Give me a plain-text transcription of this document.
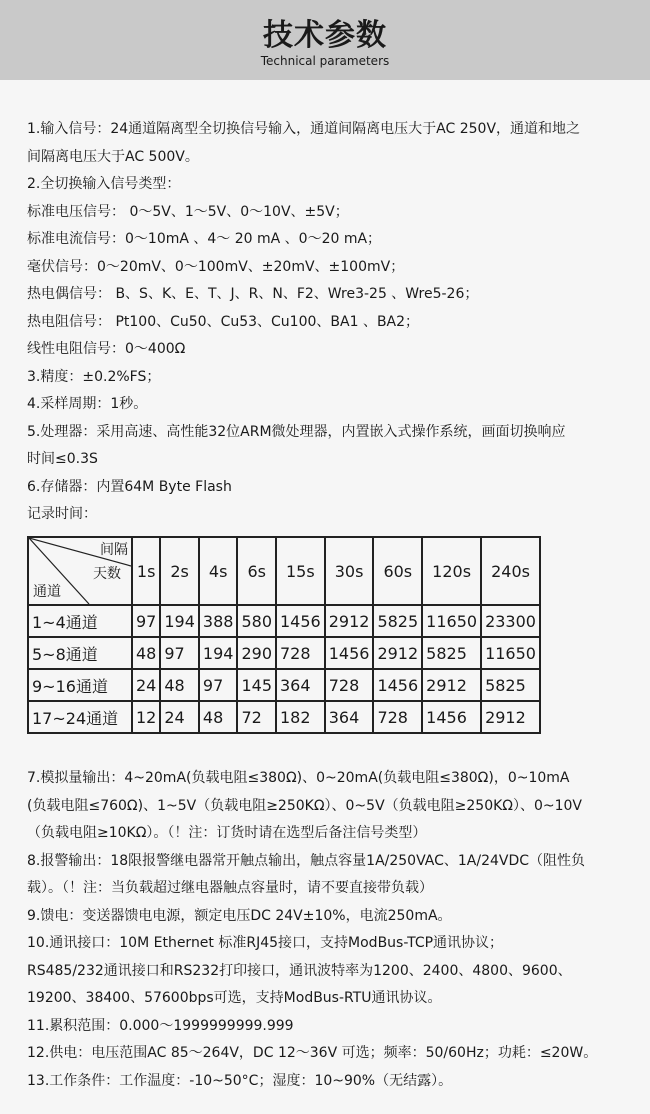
技术参数
Technical parameters
1.输入信号：24通道隔离型全切换信号输入，通道间隔离电压大于AC 250V，通道和地之
间隔离电压大于AC 500V。
2.全切换输入信号类型：
标准电压信号： 0～5V、1～5V、0～10V、±5V；
标准电流信号：0～10mA 、4～ 20 mA 、0～20 mA；
毫伏信号：0～20mV、0～100mV、±20mV、±100mV；
热电偶信号： B、S、K、E、T、J、R、N、F2、Wre3-25 、Wre5-26；
热电阻信号： Pt100、Cu50、Cu53、Cu100、BA1 、BA2；
线性电阻信号：0～400Ω
3.精度：±0.2%FS；
4.采样周期：1秒。
5.处理器：采用高速、高性能32位ARM微处理器，内置嵌入式操作系统，画面切换响应
时间≤0.3S
6.存储器：内置64M Byte Flash
记录时间：
间隔
天数
通道	1s	2s	4s	6s	15s	30s	60s	120s	240s
1~4通道	97	194	388	580	1456	2912	5825	11650	23300
5~8通道	48	97	194	290	728	1456	2912	5825	11650
9~16通道	24	48	97	145	364	728	1456	2912	5825
17~24通道	12	24	48	72	182	364	728	1456	2912
7.模拟量输出：4~20mA(负载电阻≤380Ω)、0~20mA(负载电阻≤380Ω)，0~10mA
(负载电阻≤760Ω)、1~5V（负载电阻≥250KΩ）、0~5V（负载电阻≥250KΩ）、0~10V
（负载电阻≥10KΩ）。（！注：订货时请在选型后备注信号类型）
8.报警输出：18限报警继电器常开触点输出，触点容量1A/250VAC、1A/24VDC（阻性负
载）。（！注：当负载超过继电器触点容量时，请不要直接带负载）
9.馈电：变送器馈电电源，额定电压DC 24V±10%，电流250mA。
10.通讯接口：10M Ethernet 标准RJ45接口，支持ModBus-TCP通讯协议；
RS485/232通讯接口和RS232打印接口，通讯波特率为1200、2400、4800、9600、
19200、38400、57600bps可选，支持ModBus-RTU通讯协议。
11.累积范围：0.000～1999999999.999
12.供电：电压范围AC 85～264V，DC 12～36V 可选；频率：50/60Hz；功耗：≤20W。
13.工作条件：工作温度：-10~50°C；湿度：10~90%（无结露）。
